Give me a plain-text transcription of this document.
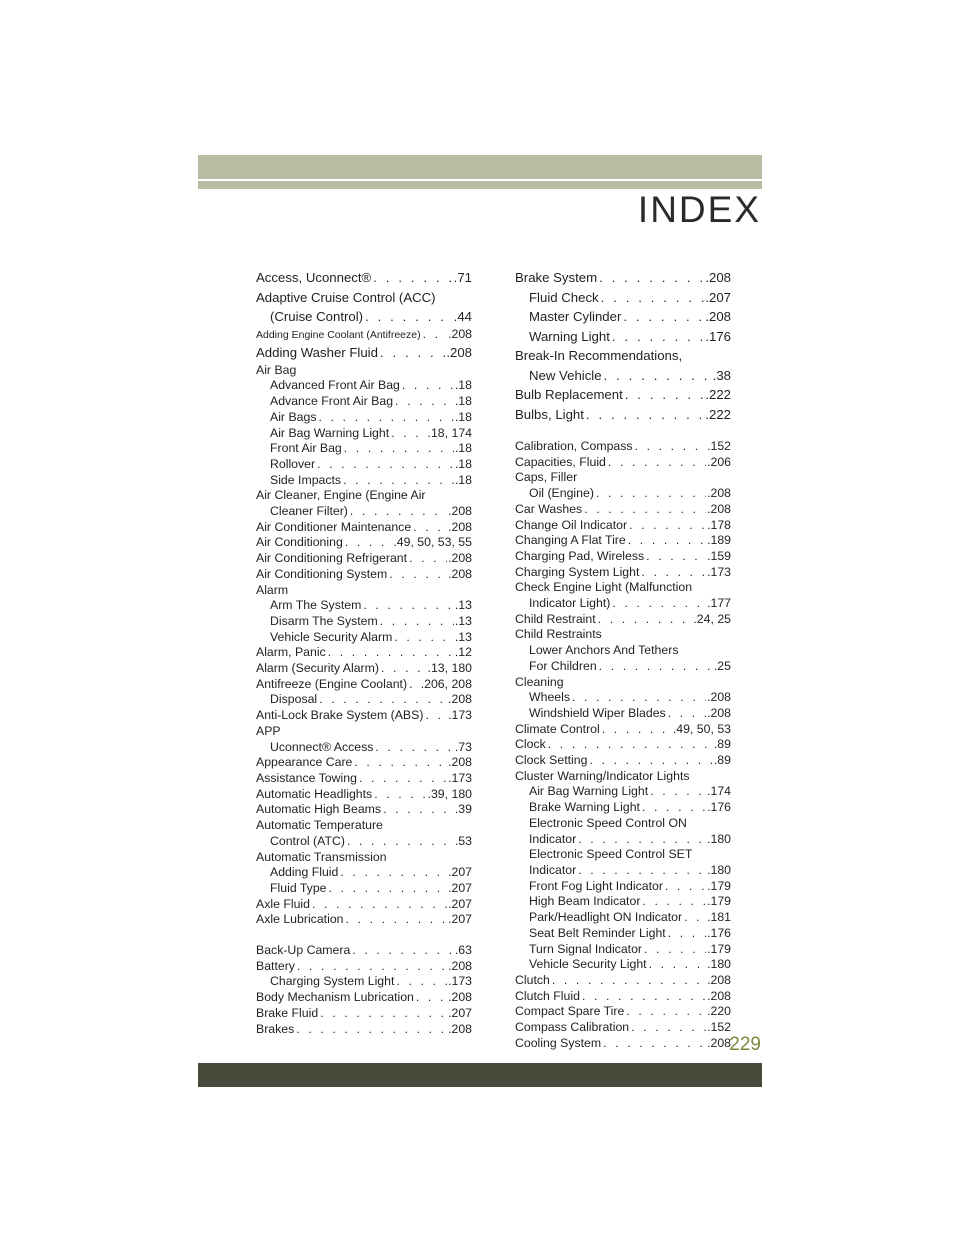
INDEX
Access, Uconnect® . . .	.71
Adaptive Cruise Control (ACC)
(Cruise Control) . . .	.44
Adding Engine Coolant (Antifreeze) . . . .208
Adding Washer Fluid . . .	.208
Air Bag
Advanced Front Air Bag . . .	.18
Advance Front Air Bag . . .	.18
Air Bags . . .	.18
Air Bag Warning Light . . .	.18, 174
Front Air Bag . . .	.18
Rollover . . .	.18
Side Impacts . . .	.18
Air Cleaner, Engine (Engine Air
Cleaner Filter) . . .	.208
Air Conditioner Maintenance . . .	.208
Air Conditioning . . .	.49, 50, 53, 55
Air Conditioning Refrigerant . . .	.208
Air Conditioning System . . .	.208
Alarm
Arm The System . . .	.13
Disarm The System . . .	.13
Vehicle Security Alarm . . .	.13
Alarm, Panic . . .	.12
Alarm (Security Alarm) . . .	.13, 180
Antifreeze (Engine Coolant) . . . .206, 208
Disposal . . .	.208
Anti-Lock Brake System (ABS) . . . .173
APP
Uconnect® Access . . .	.73
Appearance Care . . .	.208
Assistance Towing . . .	.173
Automatic Headlights . . .	.39, 180
Automatic High Beams . . .	.39
Automatic Temperature
Control (ATC) . . .	.53
Automatic Transmission
Adding Fluid . . .	.207
Fluid Type . . .	.207
Axle Fluid . . .	.207
Axle Lubrication . . .	.207
Back-Up Camera . . .	.63
Battery . . .	.208
Charging System Light . . .	.173
Body Mechanism Lubrication . . .	.208
Brake Fluid . . .	.207
Brakes . . .	.208
Brake System . . .	.208
Fluid Check . . .	.207
Master Cylinder . . .	.208
Warning Light . . .	.176
Break-In Recommendations,
New Vehicle . . .	.38
Bulb Replacement . . .	.222
Bulbs, Light . . .	.222
Calibration, Compass . . .	.152
Capacities, Fluid . . .	.206
Caps, Filler
Oil (Engine) . . .	.208
Car Washes . . .	.208
Change Oil Indicator . . .	.178
Changing A Flat Tire . . .	.189
Charging Pad, Wireless . . .	.159
Charging System Light . . .	.173
Check Engine Light (Malfunction
Indicator Light) . . .	.177
Child Restraint . . .	.24, 25
Child Restraints
Lower Anchors And Tethers
For Children . . .	.25
Cleaning
Wheels . . .	.208
Windshield Wiper Blades . . .	.208
Climate Control . . .	.49, 50, 53
Clock . . .	.89
Clock Setting . . .	.89
Cluster Warning/Indicator Lights
Air Bag Warning Light . . .	.174
Brake Warning Light . . .	.176
Electronic Speed Control ON
Indicator . . .	.180
Electronic Speed Control SET
Indicator . . .	.180
Front Fog Light Indicator . . .	.179
High Beam Indicator . . .	.179
Park/Headlight ON Indicator . . . .181
Seat Belt Reminder Light . . .	.176
Turn Signal Indicator . . .	.179
Vehicle Security Light . . .	.180
Clutch . . .	.208
Clutch Fluid . . .	.208
Compact Spare Tire . . .	.220
Compass Calibration . . .	.152
Cooling System . . .	.208
229
